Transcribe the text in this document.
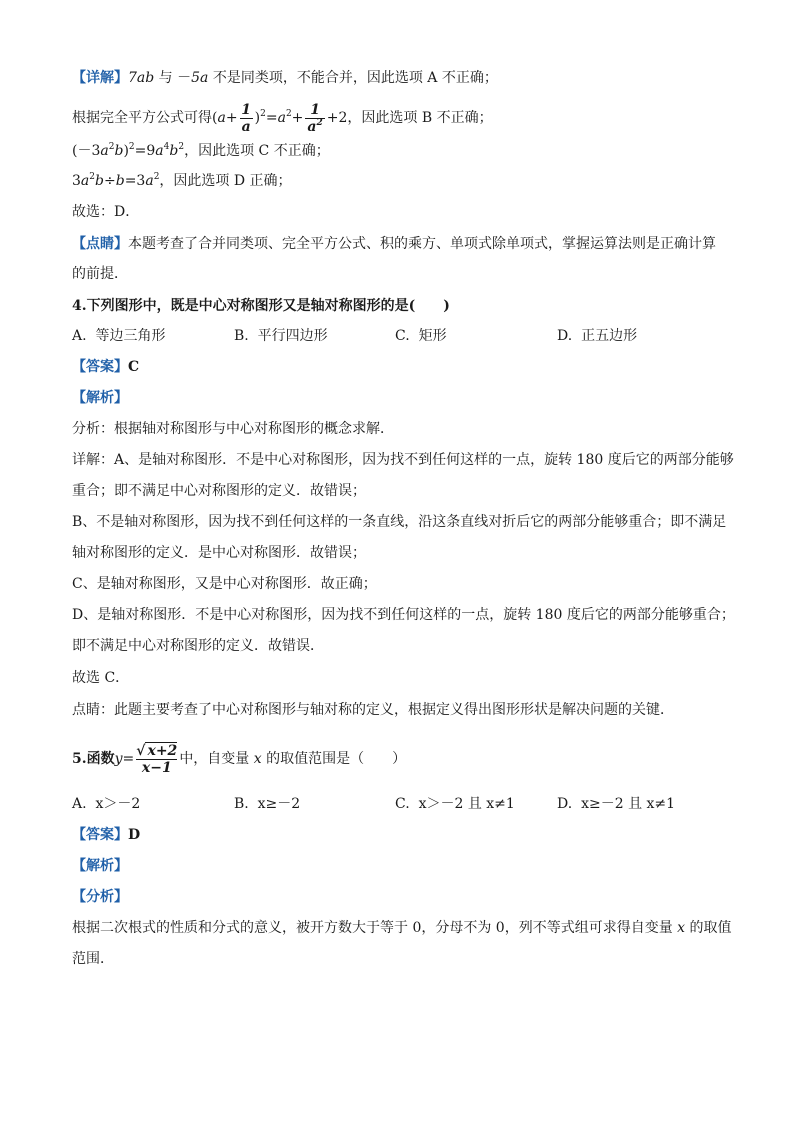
【详解】7ab 与 －5a 不是同类项，不能合并，因此选项 A 不正确；
根据完全平方公式可得$(a+ \frac{1}{a} )^2=a^2+ \frac{1}{a^2} +2$，因此选项 B 不正确；
$(-3a^2b)^2=9a^4b^2$，因此选项 C 不正确；
$3a^2b\div b=3a^2$，因此选项 D 正确；
故选：D．
【点睛】本题考查了合并同类项、完全平方公式、积的乘方、单项式除单项式，掌握运算法则是正确计算
的前提．
4.下列图形中，既是中心对称图形又是轴对称图形的是(　　)
A. 等边三角形	B. 平行四边形	C. 矩形	D. 正五边形
【答案】C
【解析】
分析：根据轴对称图形与中心对称图形的概念求解．
详解：A、是轴对称图形．不是中心对称图形，因为找不到任何这样的一点，旋转 180 度后它的两部分能够
重合；即不满足中心对称图形的定义．故错误；
B、不是轴对称图形，因为找不到任何这样的一条直线，沿这条直线对折后它的两部分能够重合；即不满足
轴对称图形的定义．是中心对称图形．故错误；
C、是轴对称图形，又是中心对称图形．故正确；
D、是轴对称图形．不是中心对称图形，因为找不到任何这样的一点，旋转 180 度后它的两部分能够重合；
即不满足中心对称图形的定义．故错误．
故选 C．
点睛：此题主要考查了中心对称图形与轴对称的定义，根据定义得出图形形状是解决问题的关键．
5.函数$y= \frac{√ x+2}{x-1}$ 中，自变量 x 的取值范围是（　　）
A. x＞－2	B. x≥－2	C. x＞－2 且 x≠1	D. x≥－2 且 x≠1
【答案】D
【解析】
【分析】
根据二次根式的性质和分式的意义，被开方数大于等于 0，分母不为 0，列不等式组可求得自变量 x 的取值
范围．
